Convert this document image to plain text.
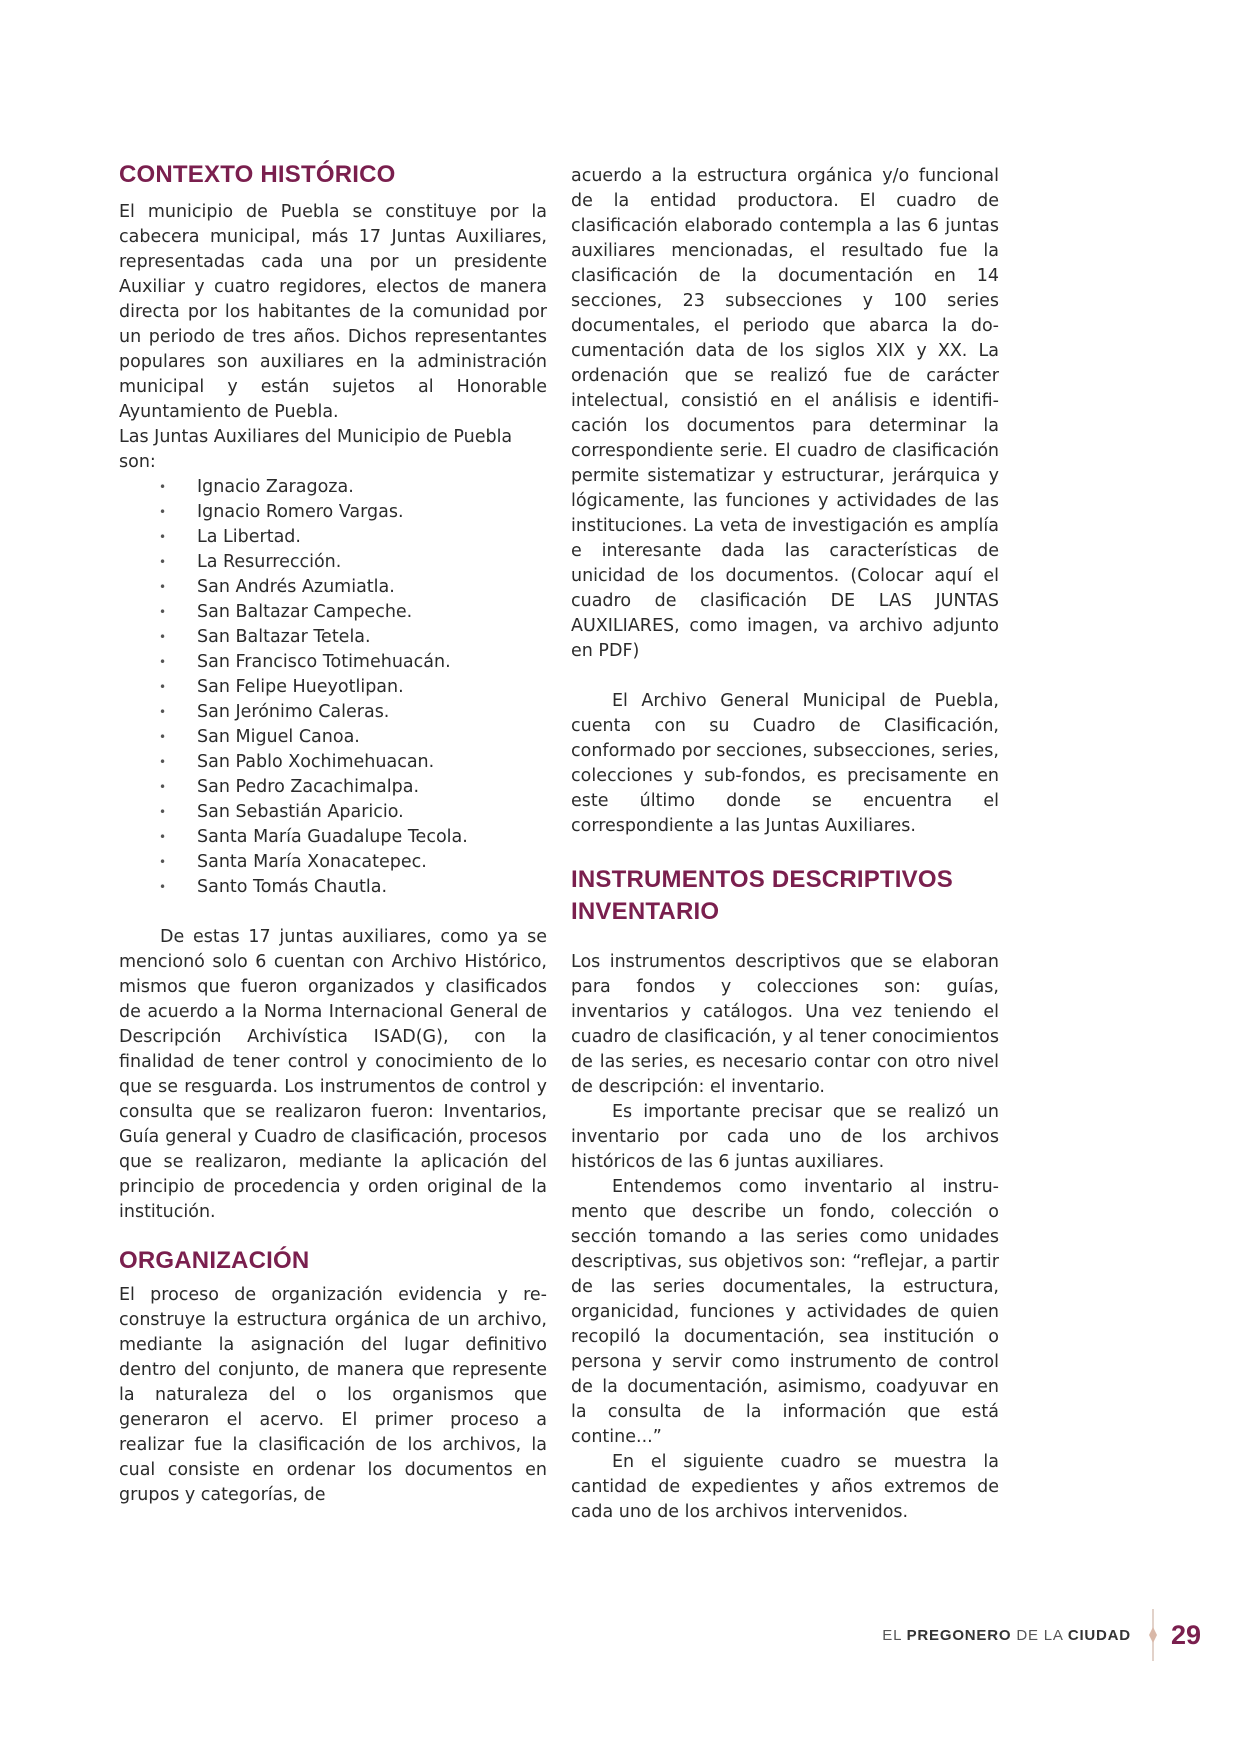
CONTEXTO HISTÓRICO

El municipio de Puebla se constituye por la cabecera municipal, más 17 Juntas Auxiliares, representadas cada una por un presidente Auxiliar y cuatro regidores, electos de manera directa por los habitantes de la comunidad por un periodo de tres años. Dichos representantes populares son auxiliares en la administración municipal y están sujetos al Honorable Ayuntamiento de Puebla.

Las Juntas Auxiliares del Municipio de Puebla son:

• Ignacio Zaragoza.
• Ignacio Romero Vargas.
• La Libertad.
• La Resurrección.
• San Andrés Azumiatla.
• San Baltazar Campeche.
• San Baltazar Tetela.
• San Francisco Totimehuacán.
• San Felipe Hueyotlipan.
• San Jerónimo Caleras.
• San Miguel Canoa.
• San Pablo Xochimehuacan.
• San Pedro Zacachimalpa.
• San Sebastián Aparicio.
• Santa María Guadalupe Tecola.
• Santa María Xonacatepec.
• Santo Tomás Chautla.

De estas 17 juntas auxiliares, como ya se mencionó solo 6 cuentan con Archivo Histórico, mismos que fueron organizados y clasificados de acuerdo a la Norma Internacional General de Descripción Archivística ISAD(G), con la finalidad de tener control y conocimiento de lo que se resguarda. Los instrumentos de control y consulta que se realizaron fueron: Inventarios, Guía general y Cuadro de clasificación, procesos que se realizaron, mediante la aplicación del principio de procedencia y orden original de la institución.

ORGANIZACIÓN

El proceso de organización evidencia y reconstruye la estructura orgánica de un archivo, mediante la asignación del lugar definitivo dentro del conjunto, de manera que represente la naturaleza del o los organismos que generaron el acervo. El primer proceso a realizar fue la clasificación de los archivos, la cual consiste en ordenar los documentos en grupos y categorías, de

acuerdo a la estructura orgánica y/o funcional de la entidad productora. El cuadro de clasificación elaborado contempla a las 6 juntas auxiliares mencionadas, el resultado fue la clasificación de la documentación en 14 secciones, 23 subsecciones y 100 series documentales, el periodo que abarca la documentación data de los siglos XIX y XX. La ordenación que se realizó fue de carácter intelectual, consistió en el análisis e identificación los documentos para determinar la correspondiente serie. El cuadro de clasificación permite sistematizar y estructurar, jerárquica y lógicamente, las funciones y actividades de las instituciones. La veta de investigación es amplía e interesante dada las características de unicidad de los documentos. (Colocar aquí el cuadro de clasificación DE LAS JUNTAS AUXILIARES, como imagen, va archivo adjunto en PDF)

El Archivo General Municipal de Puebla, cuenta con su Cuadro de Clasificación, conformado por secciones, subsecciones, series, colecciones y sub-fondos, es precisamente en este último donde se encuentra el correspondiente a las Juntas Auxiliares.

INSTRUMENTOS DESCRIPTIVOS
INVENTARIO

Los instrumentos descriptivos que se elaboran para fondos y colecciones son: guías, inventarios y catálogos. Una vez teniendo el cuadro de clasificación, y al tener conocimientos de las series, es necesario contar con otro nivel de descripción: el inventario.

Es importante precisar que se realizó un inventario por cada uno de los archivos históricos de las 6 juntas auxiliares.

Entendemos como inventario al instrumento que describe un fondo, colección o sección tomando a las series como unidades descriptivas, sus objetivos son: “reflejar, a partir de las series documentales, la estructura, organicidad, funciones y actividades de quien recopiló la documentación, sea institución o persona y servir como instrumento de control de la documentación, asimismo, coadyuvar en la consulta de la información que está contine...”

En el siguiente cuadro se muestra la cantidad de expedientes y años extremos de cada uno de los archivos intervenidos.

EL PREGONERO DE LA CIUDAD 29
